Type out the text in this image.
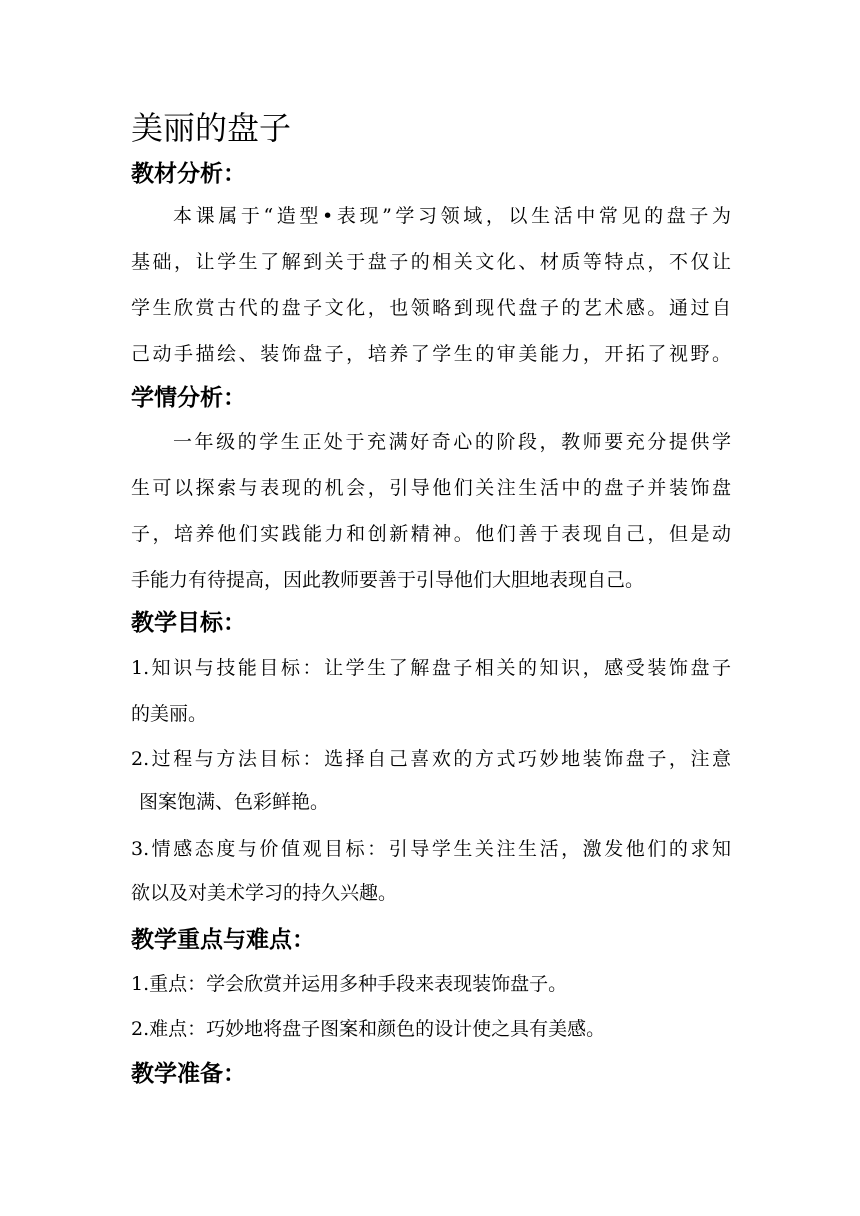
美丽的盘子
教材分析：
本课属于“造型•表现”学习领域，以生活中常见的盘子为
基础，让学生了解到关于盘子的相关文化、材质等特点，不仅让
学生欣赏古代的盘子文化，也领略到现代盘子的艺术感。通过自
己动手描绘、装饰盘子，培养了学生的审美能力，开拓了视野。
学情分析：
一年级的学生正处于充满好奇心的阶段，教师要充分提供学
生可以探索与表现的机会，引导他们关注生活中的盘子并装饰盘
子，培养他们实践能力和创新精神。他们善于表现自己，但是动
手能力有待提高，因此教师要善于引导他们大胆地表现自己。
教学目标：
1.知识与技能目标：让学生了解盘子相关的知识，感受装饰盘子
的美丽。
2.过程与方法目标：选择自己喜欢的方式巧妙地装饰盘子，注意
图案饱满、色彩鲜艳。
3.情感态度与价值观目标：引导学生关注生活，激发他们的求知
欲以及对美术学习的持久兴趣。
教学重点与难点：
1.重点：学会欣赏并运用多种手段来表现装饰盘子。
2.难点：巧妙地将盘子图案和颜色的设计使之具有美感。
教学准备：
